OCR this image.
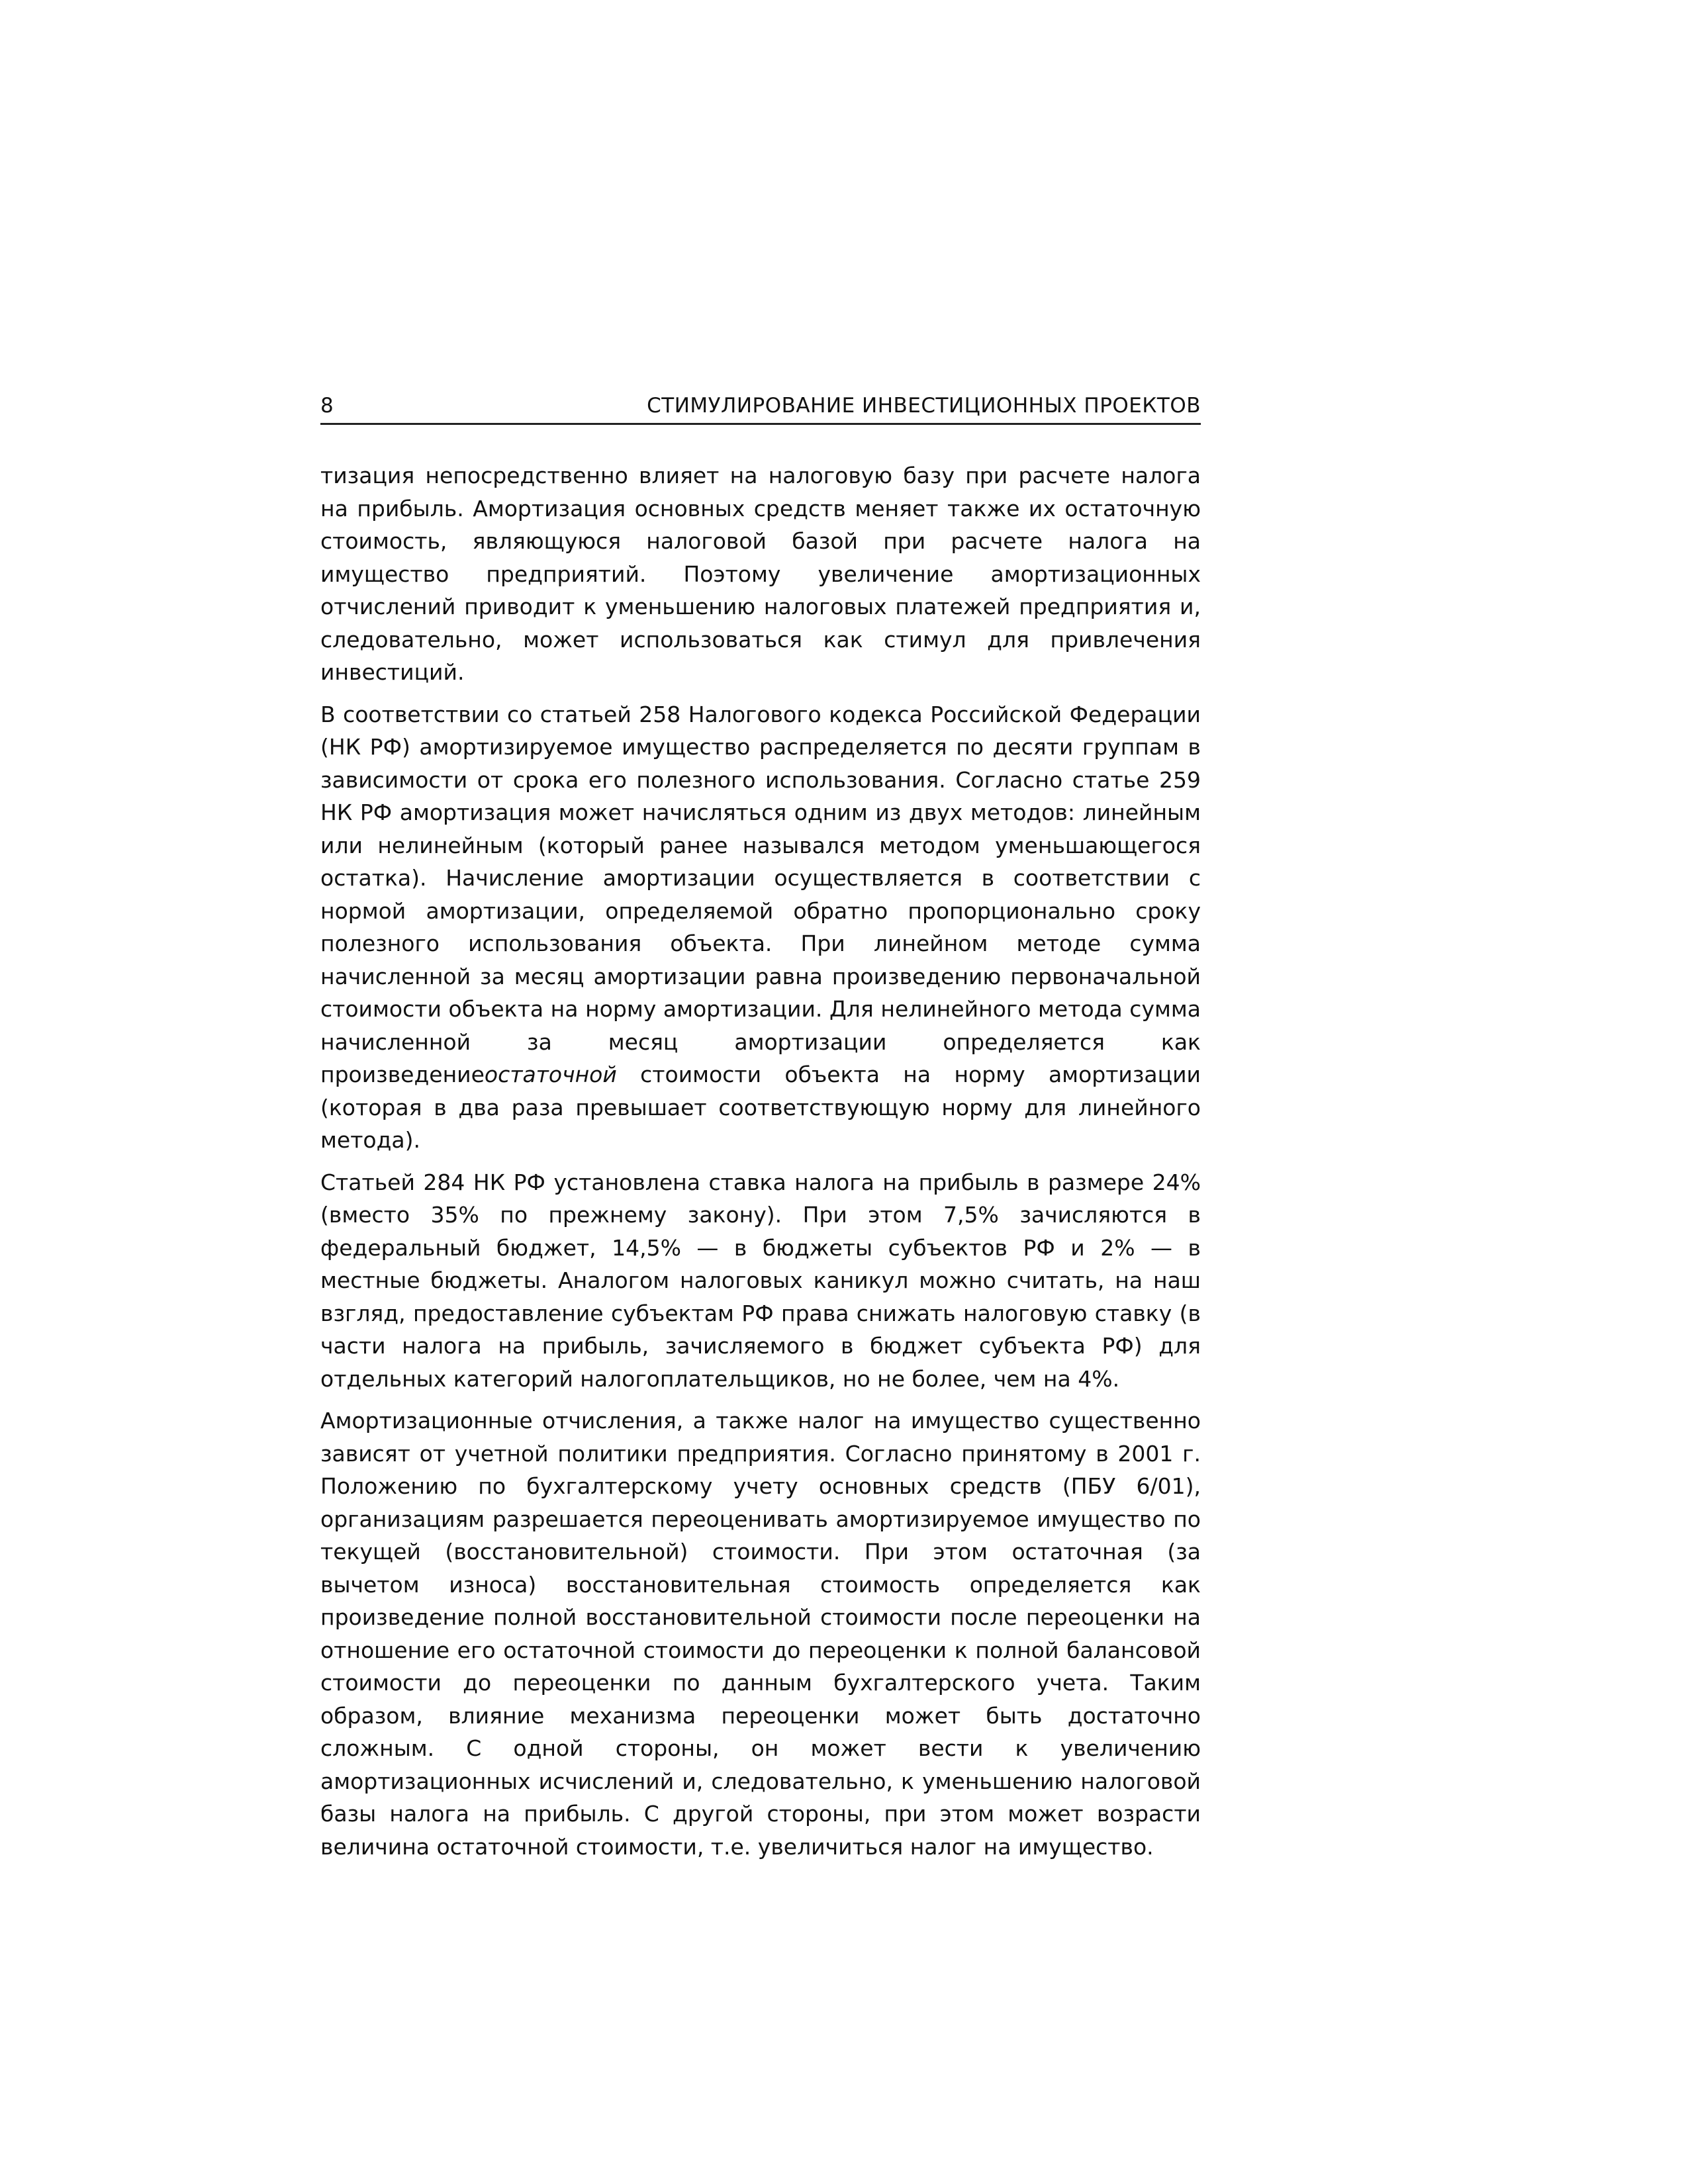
8	СТИМУЛИРОВАНИЕ ИНВЕСТИЦИОННЫХ ПРОЕКТОВ

тизация непосредственно влияет на налоговую базу при расчете налога на прибыль. Амортизация основных средств меняет также их остаточную стоимость, являющуюся налоговой базой при расчете налога на имущество предприятий. Поэтому увеличение амортизационных отчислений приводит к уменьшению налоговых платежей предприятия и, следовательно, может использоваться как стимул для привлечения инвестиций.

В соответствии со статьей 258 Налогового кодекса Российской Федерации (НК РФ) амортизируемое имущество распределяется по десяти группам в зависимости от срока его полезного использования. Согласно статье 259 НК РФ амортизация может начисляться одним из двух методов: линейным или нелинейным (который ранее назывался методом уменьшающегося остатка). Начисление амортизации осуществляется в соответствии с нормой амортизации, определяемой обратно пропорционально сроку полезного использования объекта. При линейном методе сумма начисленной за месяц амортизации равна произведению первоначальной стоимости объекта на норму амортизации. Для нелинейного метода сумма начисленной за месяц амортизации определяется как произведениеостаточной стоимости объекта на норму амортизации (которая в два раза превышает соответствующую норму для линейного метода).

Статьей 284 НК РФ установлена ставка налога на прибыль в размере 24% (вместо 35% по прежнему закону). При этом 7,5% зачисляются в федеральный бюджет, 14,5% — в бюджеты субъектов РФ и 2% — в местные бюджеты. Аналогом налоговых каникул можно считать, на наш взгляд, предоставление субъектам РФ права снижать налоговую ставку (в части налога на прибыль, зачисляемого в бюджет субъекта РФ) для отдельных категорий налогоплательщиков, но не более, чем на 4%.

Амортизационные отчисления, а также налог на имущество существенно зависят от учетной политики предприятия. Согласно принятому в 2001 г. Положению по бухгалтерскому учету основных средств (ПБУ 6/01), организациям разрешается переоценивать амортизируемое имущество по текущей (восстановительной) стоимости. При этом остаточная (за вычетом износа) восстановительная стоимость определяется как произведение полной восстановительной стоимости после переоценки на отношение его остаточной стоимости до переоценки к полной балансовой стоимости до переоценки по данным бухгалтерского учета. Таким образом, влияние механизма переоценки может быть достаточно сложным. С одной стороны, он может вести к увеличению амортизационных исчислений и, следовательно, к уменьшению налоговой базы налога на прибыль. С другой стороны, при этом может возрасти величина остаточной стоимости, т.е. увеличиться налог на имущество.
